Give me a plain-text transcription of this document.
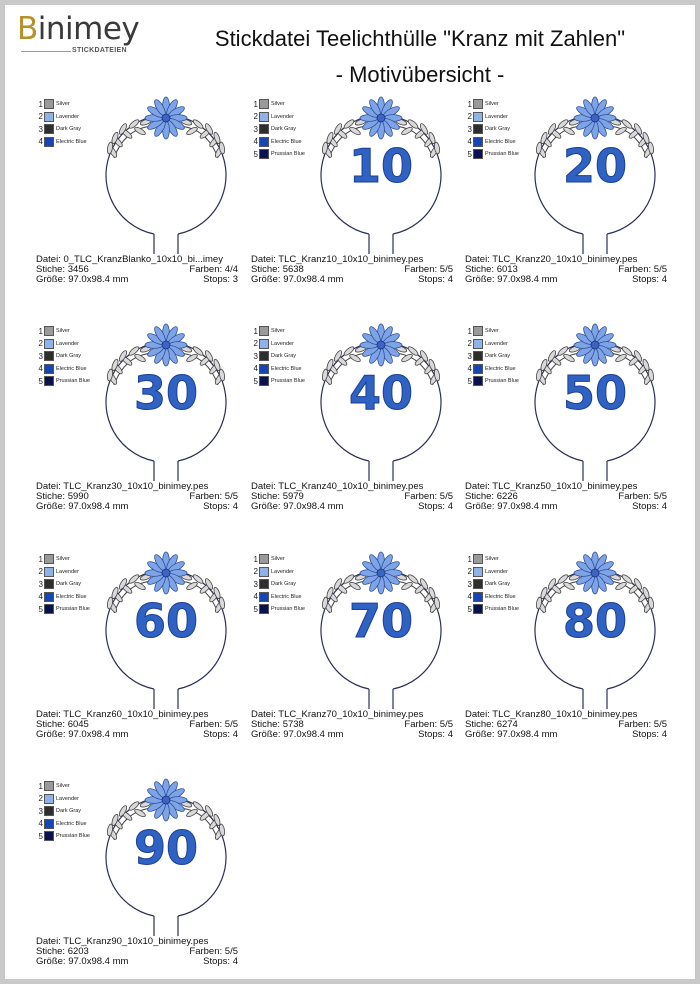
Binimey
STICKDATEIEN	Stickdatei Teelichthülle "Kranz mit Zahlen"
- Motivübersicht -
1 Silver
2 Lavender
3 Dark Gray
4 Electric Blue
Datei: 0_TLC_KranzBlanko_10x10_bi...imey
Stiche: 3456	Farben: 4/4
Größe: 97.0x98.4 mm	Stops: 3
1 Silver
2 Lavender
3 Dark Gray
4 Electric Blue
5 Prussian Blue 10
Datei: TLC_Kranz10_10x10_binimey.pes
Stiche: 5638	Farben: 5/5
Größe: 97.0x98.4 mm	Stops: 4
1 Silver
2 Lavender
3 Dark Gray
4 Electric Blue
5 Prussian Blue 20
Datei: TLC_Kranz20_10x10_binimey.pes
Stiche: 6013	Farben: 5/5
Größe: 97.0x98.4 mm	Stops: 4
1 Silver
2 Lavender
3 Dark Gray
4 Electric Blue
5 Prussian Blue 30
Datei: TLC_Kranz30_10x10_binimey.pes
Stiche: 5990	Farben: 5/5
Größe: 97.0x98.4 mm	Stops: 4
1 Silver
2 Lavender
3 Dark Gray
4 Electric Blue
5 Prussian Blue 40
Datei: TLC_Kranz40_10x10_binimey.pes
Stiche: 5979	Farben: 5/5
Größe: 97.0x98.4 mm	Stops: 4
1 Silver
2 Lavender
3 Dark Gray
4 Electric Blue
5 Prussian Blue 50
Datei: TLC_Kranz50_10x10_binimey.pes
Stiche: 6226	Farben: 5/5
Größe: 97.0x98.4 mm	Stops: 4
1 Silver
2 Lavender
3 Dark Gray
4 Electric Blue
5 Prussian Blue 60
Datei: TLC_Kranz60_10x10_binimey.pes
Stiche: 6045	Farben: 5/5
Größe: 97.0x98.4 mm	Stops: 4
1 Silver
2 Lavender
3 Dark Gray
4 Electric Blue
5 Prussian Blue 70
Datei: TLC_Kranz70_10x10_binimey.pes
Stiche: 5738	Farben: 5/5
Größe: 97.0x98.4 mm	Stops: 4
1 Silver
2 Lavender
3 Dark Gray
4 Electric Blue
5 Prussian Blue 80
Datei: TLC_Kranz80_10x10_binimey.pes
Stiche: 6274	Farben: 5/5
Größe: 97.0x98.4 mm	Stops: 4
1 Silver
2 Lavender
3 Dark Gray
4 Electric Blue
5 Prussian Blue 90
Datei: TLC_Kranz90_10x10_binimey.pes
Stiche: 6203	Farben: 5/5
Größe: 97.0x98.4 mm	Stops: 4
